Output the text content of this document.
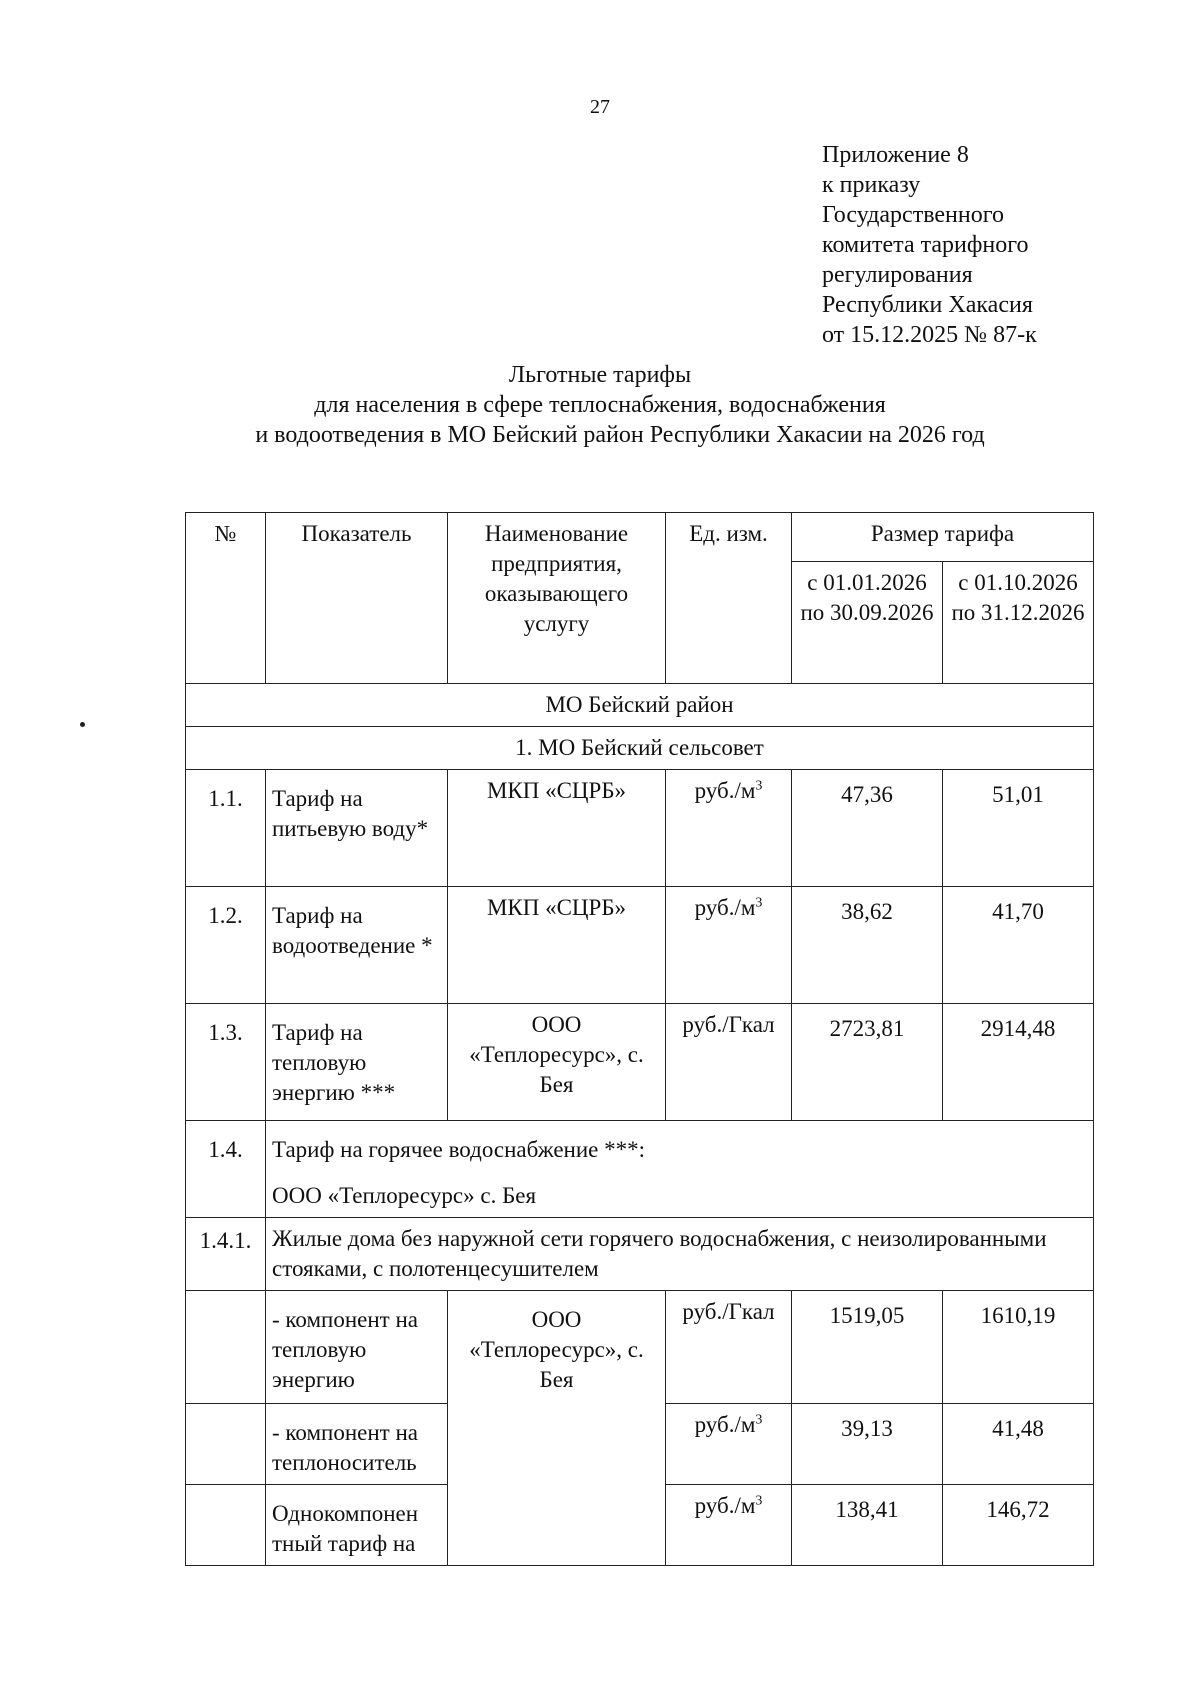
27
Приложение 8
к приказу
Государственного
комитета тарифного
регулирования
Республики Хакасия
от 15.12.2025 № 87-к
Льготные тарифы
для населения в сфере теплоснабжения, водоснабжения
и водоотведения в МО Бейский район Республики Хакасии на 2026 год
№	Показатель	Наименование предприятия, оказывающего услугу	Ед. изм.	Размер тарифа	
				с 01.01.2026 по 30.09.2026	с 01.10.2026 по 31.12.2026
МО Бейский район					
1. МО Бейский сельсовет					
1.1.	Тариф на питьевую воду*	МКП «СЦРБ»	$руб./м^3$	47,36	51,01
1.2.	Тариф на водоотведение *	МКП «СЦРБ»	$руб./м^3$	38,62	41,70
1.3.	Тариф на тепловую энергию ***	ООО «Теплоресурс», с. Бея	руб./Гкал	2723,81	2914,48
1.4.	Тариф на горячее водоснабжение ***:
ООО «Теплоресурс» с. Бея				

1.4.1.	Жилые дома без наружной сети горячего водоснабжения, с неизолированными стояками, с полотенцесушителем				
	- компонент на тепловую энергию	ООО «Теплоресурс», с. Бея	руб./Гкал	1519,05	1610,19
	- компонент на теплоноситель		$руб./м^3$	39,13	41,48
	Однокомпонен тный тариф на		$руб./м^3$	138,41	146,72
